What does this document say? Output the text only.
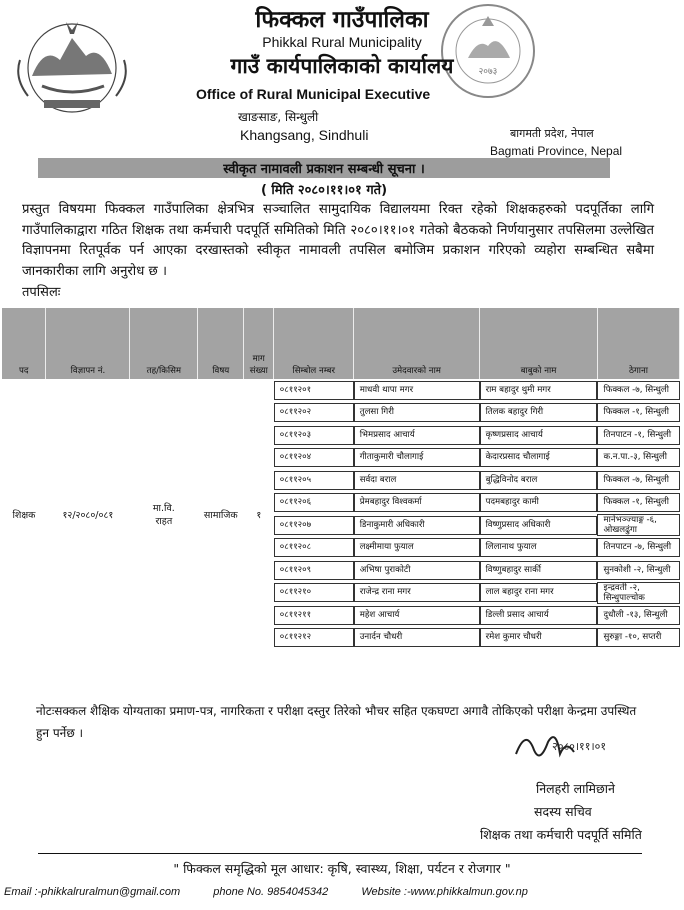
२०७३
फिक्कल गाउँपालिका
Phikkal Rural Municipality
गाउँ कार्यपालिकाको कार्यालय
Office of Rural Municipal Executive
खाङसाङ, सिन्धुली
Khangsang, Sindhuli	बागमती प्रदेश, नेपाल
Bagmati Province, Nepal
स्वीकृत नामावली प्रकाशन सम्बन्धी सूचना ।
( मिति २०८०।११।०१ गते)
प्रस्तुत विषयमा फिक्कल गाउँपालिका क्षेत्रभित्र सञ्चालित सामुदायिक विद्यालयमा रिक्त रहेको शिक्षकहरुको पदपूर्तिका लागि गाउँपालिकाद्वारा गठित शिक्षक तथा कर्मचारी पदपूर्ति समितिको मिति २०८०।११।०१ गतेको बैठकको निर्णयानुसार तपसिलमा उल्लेखित विज्ञापनमा रितपूर्वक पर्न आएका दरखास्तको स्वीकृत नामावली तपसिल बमोजिम प्रकाशन गरिएको व्यहोरा सम्बन्धित सबैमा जानकारीका लागि अनुरोध छ ।
तपसिलः
पद	विज्ञापन नं.	तह/किसिम	विषय	माग संख्या	सिम्बोल नम्बर	उमेदवारको नाम	बाबुको नाम	ठेगाना
शिक्षक	१२/२०८०/०८१	मा.वि. राहत	सामाजिक	१	०८११२०१	माधवी थापा मगर	राम बहादुर थुमी मगर	फिक्कल -७, सिन्धुली

					०८११२०२	तुलसा गिरी	तिलक बहादुर गिरी	फिक्कल -१, सिन्धुली

					०८११२०३	भिमप्रसाद आचार्य	कृष्णप्रसाद आचार्य	तिनपाटन -१, सिन्धुली

					०८११२०४	गीताकुमारी चौलागाई	केदारप्रसाद चौलागाई	क.न.पा.-३, सिन्धुली

					०८११२०५	सर्वदा बराल	बुद्धिविनोद बराल	फिक्कल -७, सिन्धुली

					०८११२०६	प्रेमबहादुर विश्वकर्मा	पदमबहादुर कामी	फिक्कल -१, सिन्धुली

					०८११२०७	डिनाकुमारी अधिकारी	विष्णुप्रसाद अधिकारी	मानेभञ्ज्याङ्ग -६, ओखलढुंगा

					०८११२०८	लक्ष्मीमाया फुयाल	लिलानाथ फुयाल	तिनपाटन -७, सिन्धुली

					०८११२०९	अभिषा पुराकोटी	विष्णुबहादुर सार्की	सुनकोशी -२, सिन्धुली

					०८११२१०	राजेन्द्र राना मगर	लाल बहादुर राना मगर	इन्द्रवती -२, सिन्धुपाल्चोक

					०८११२११	महेश आचार्य	डिल्ली प्रसाद आचार्य	दुधौली -१३, सिन्धुली

					०८११२१२	उनार्दन चौधरी	रमेश कुमार चौधरी	सुरुङ्गा -१०, सप्तरी
नोटःसक्कल शैक्षिक योग्यताका प्रमाण-पत्र, नागरिकता र परीक्षा दस्तुर तिरेको भौचर सहित एकघण्टा अगावै तोकिएको परीक्षा केन्द्रमा उपस्थित हुन पर्नेछ ।
२०८०।११।०१
निलहरी लामिछाने
सदस्य सचिव
शिक्षक तथा कर्मचारी पदपूर्ति समिति
" फिक्कल समृद्धिको मूल आधार: कृषि, स्वास्थ्य, शिक्षा, पर्यटन र रोजगार "
Email :-phikkalruralmun@gmail.com	phone No. 9854045342	Website :-www.phikkalmun.gov.np
